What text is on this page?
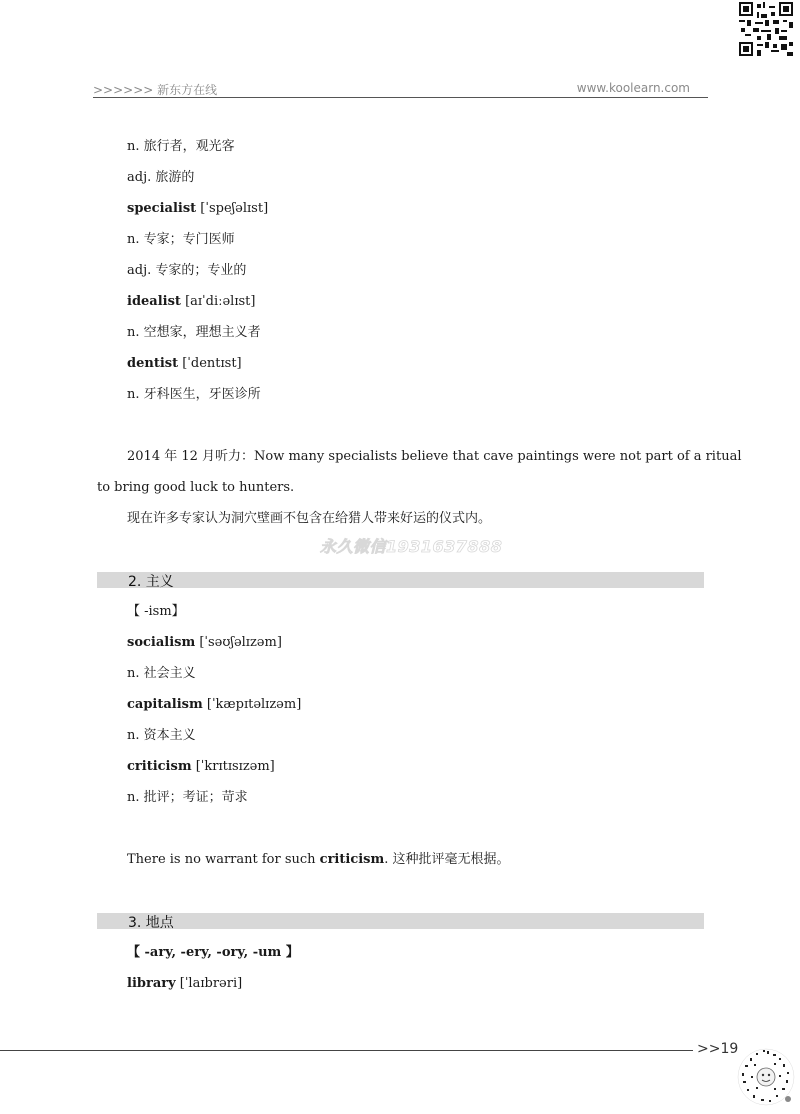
>>>>>> 新东方在线	www.koolearn.com
n. 旅行者，观光客
adj. 旅游的
specialist [ˈspeʃəlɪst]
n. 专家；专门医师
adj. 专家的；专业的
idealist [aɪˈdiːəlɪst]
n. 空想家，理想主义者
dentist [ˈdentɪst]
n. 牙科医生，牙医诊所
2014 年 12 月听力：Now many specialists believe that cave paintings were not part of a ritual
to bring good luck to hunters.
现在许多专家认为洞穴壁画不包含在给猎人带来好运的仪式内。
永久微信1931637888
2. 主义
【 -ism】
socialism [ˈsəʊʃəlɪzəm]
n. 社会主义
capitalism [ˈkæpɪtəlɪzəm]
n. 资本主义
criticism [ˈkrɪtɪsɪzəm]
n. 批评；考证；苛求
There is no warrant for such criticism. 这种批评毫无根据。
3. 地点
【 -ary, -ery, -ory, -um 】
library [ˈlaɪbrəri]
>>19
